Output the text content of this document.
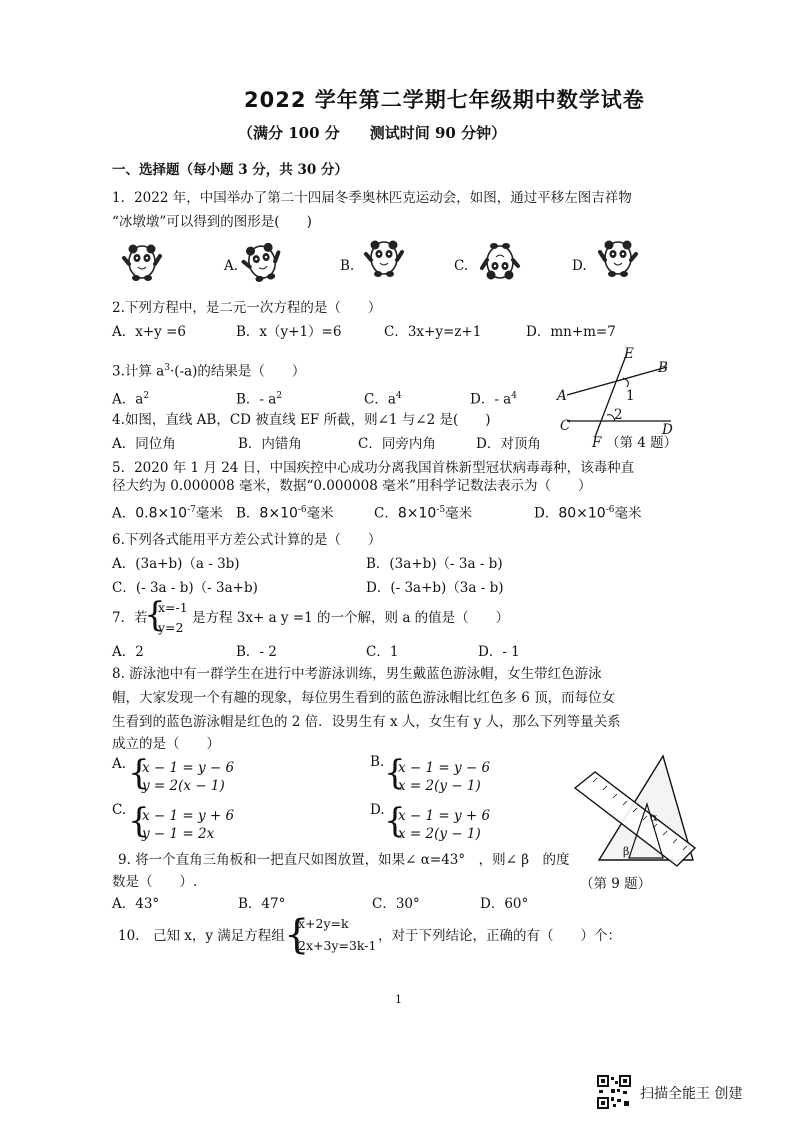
2022 学年第二学期七年级期中数学试卷
（满分 100 分　　测试时间 90 分钟）
一、选择题（每小题 3 分，共 30 分）
1．2022 年，中国举办了第二十四届冬季奥林匹克运动会，如图，通过平移左图吉祥物
“冰墩墩”可以得到的图形是(　　)
A.	B.	C.	D.
2.下列方程中，是二元一次方程的是（　　）
A．x+y =6	B．x（y+1）=6	C．3x+y=z+1	D．mn+m=7
3.计算 $a^3\cdot(-a)$的结果是（　　）
A．$a^2$	B．- $a^2$	C．$a^4$	D．- $a^4$
E
B
A	1
2
C
F
D
（第 4 题）
4.如图，直线 AB，CD 被直线 EF 所截，则∠1 与∠2 是(　　)
A．同位角	B．内错角	C．同旁内角	D．对顶角
5．2020 年 1 月 24 日，中国疾控中心成功分离我国首株新型冠状病毒毒种，该毒种直
径大约为 0.000008 毫米，数据“0.000008 毫米”用科学记数法表示为（　　）
A．$0.8\times 10^{-7}$毫米 B．$8\times 10^{-6}$毫米	C．$8\times 10^{-5}$毫米	D．$80\times 10^{-6}$毫米
6.下列各式能用平方差公式计算的是（　　）
A．(3a+b)（a - 3b)	B．(3a+b)（- 3a - b)
C．(- 3a - b)（- 3a+b)	D．(- 3a+b)（3a - b)
7．若
{
x=-1
y=2
是方程 3x+ a y =1 的一个解，则 a 的值是（　　）
A．2	B．- 2	C．1	D．- 1
8. 游泳池中有一群学生在进行中考游泳训练，男生戴蓝色游泳帽，女生带红色游泳
帽，大家发现一个有趣的现象，每位男生看到的蓝色游泳帽比红色多 6 顶，而每位女
生看到的蓝色游泳帽是红色的 2 倍．设男生有 x 人，女生有 y 人，那么下列等量关系
成立的是（　　）
A. {
x − 1 = y − 6
y = 2(x − 1)
B. {
x − 1 = y − 6
x = 2(y − 1)
C. {
x − 1 = y + 6
y − 1 = 2x
D. {
x − 1 = y + 6
x = 2(y − 1)
α
β
（第 9 题）
9. 将一个直角三角板和一把直尺如图放置，如果∠ α=43°　，则∠ β　的度
数是（　　）.
A．43°	B．47°	C．30°	D．60°
10.　己知 x，y 满足方程组 {
x+2y=k
2x+3y=3k-1
，对于下列结论，正确的有（　　）个：
1
扫描全能王 创建
